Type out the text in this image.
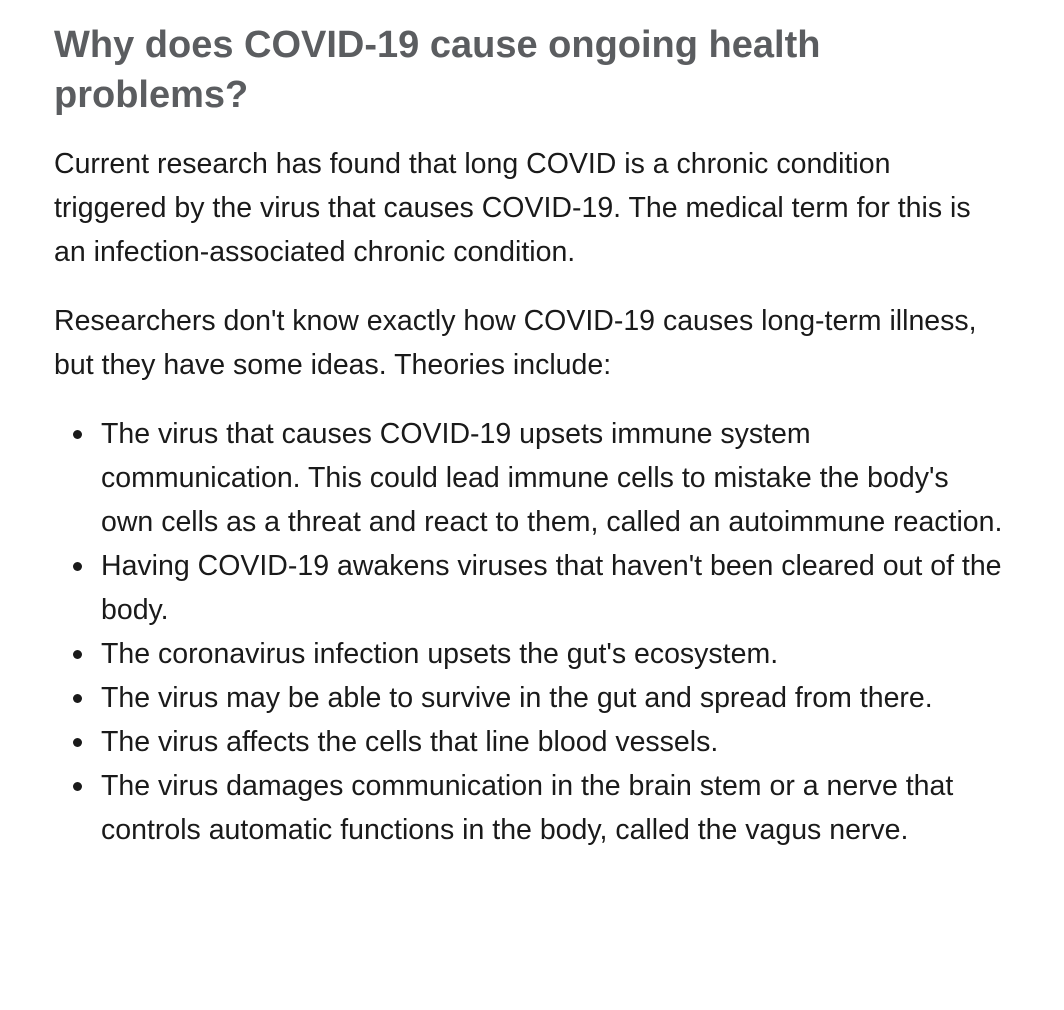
Why does COVID-19 cause ongoing health problems?

Current research has found that long COVID is a chronic condition triggered by the virus that causes COVID-19. The medical term for this is an infection-associated chronic condition.

Researchers don't know exactly how COVID-19 causes long-term illness, but they have some ideas. Theories include:

The virus that causes COVID-19 upsets immune system communication. This could lead immune cells to mistake the body's own cells as a threat and react to them, called an autoimmune reaction.
Having COVID-19 awakens viruses that haven't been cleared out of the body.
The coronavirus infection upsets the gut's ecosystem.
The virus may be able to survive in the gut and spread from there.
The virus affects the cells that line blood vessels.
The virus damages communication in the brain stem or a nerve that controls automatic functions in the body, called the vagus nerve.
